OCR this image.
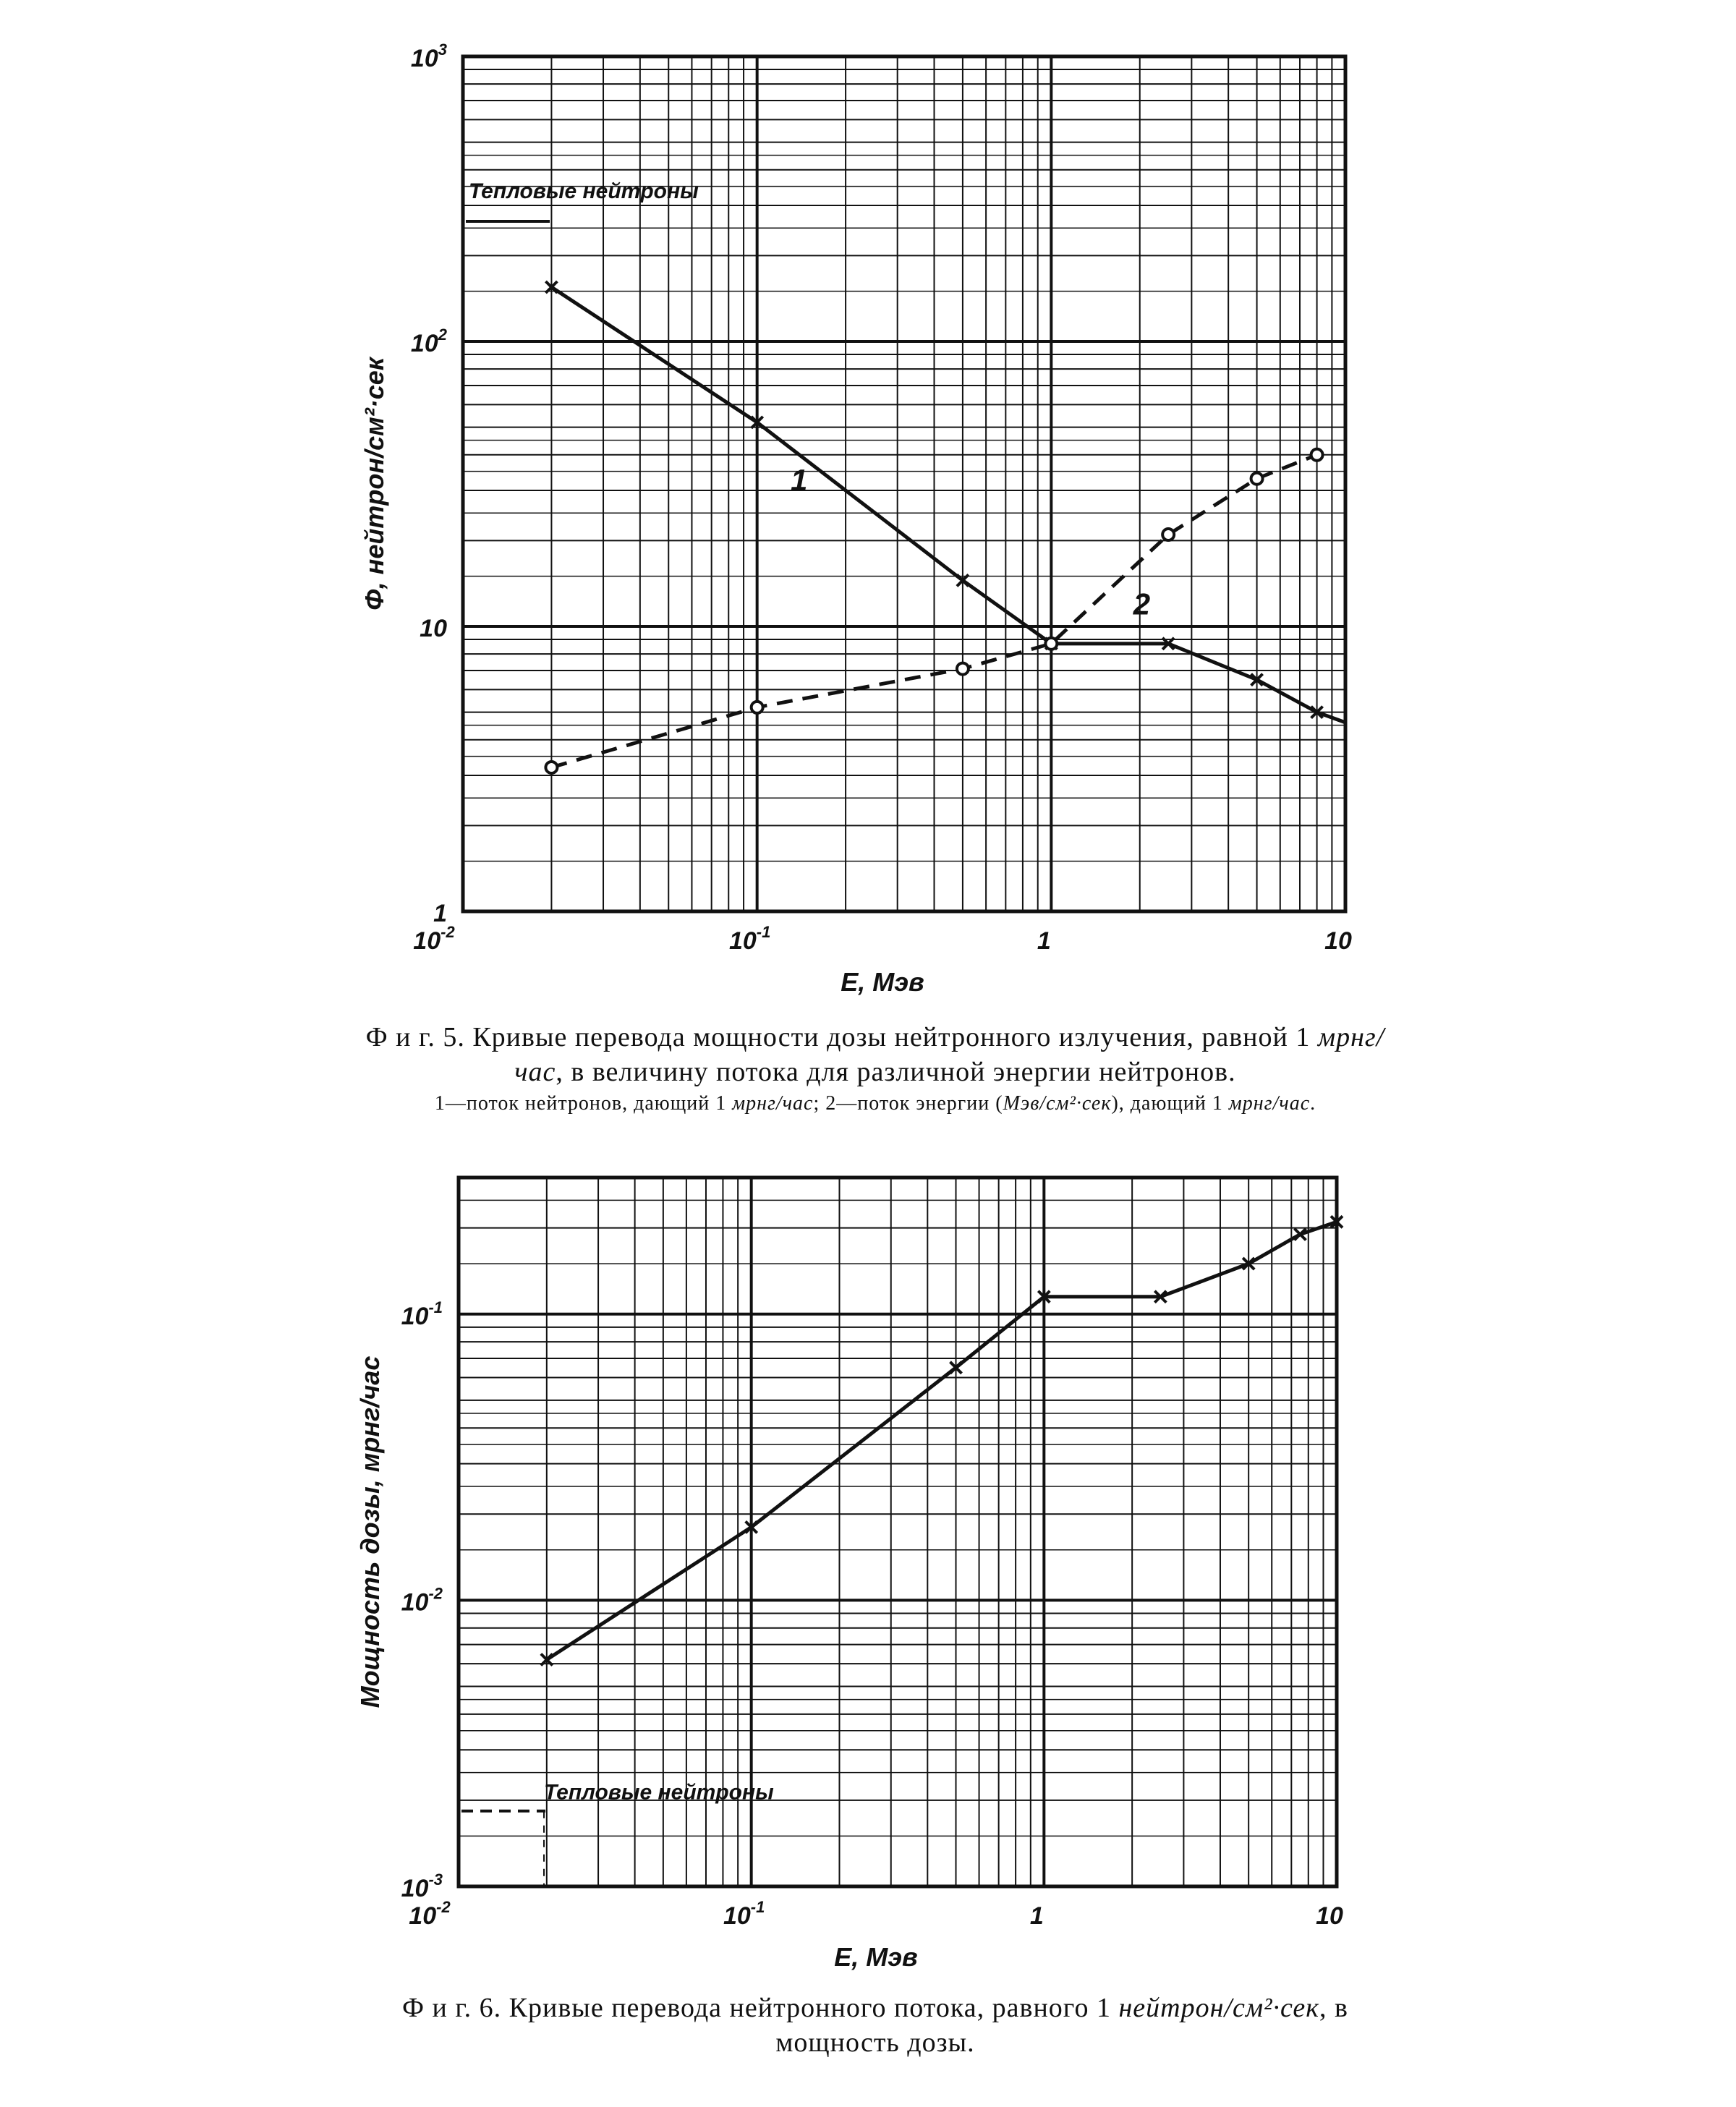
$10^{-2}$	$10^{-1}$	1	10
1
10
$10^2$
$10^3$
E, Мэв
Φ, нейтрон/см²·сек
Тепловые нейтроны
1
2
$10^{-2}$	$10^{-1}$	1	10
$10^{-3}$
$10^{-2}$
$10^{-1}$
E, Мэв
Мощность дозы, мрнг/час
Тепловые нейтроны
Ф и г. 5. Кривые перевода мощности дозы нейтронного излучения, равной 1 мрнг/час, в величину потока для различной энергии нейтронов.
1—поток нейтронов, дающий 1 мрнг/час; 2—поток энергии (Мэв/см²·сек), дающий 1 мрнг/час.
Ф и г. 6. Кривые перевода нейтронного потока, равного 1 нейтрон/см²·сек, в мощность дозы.
